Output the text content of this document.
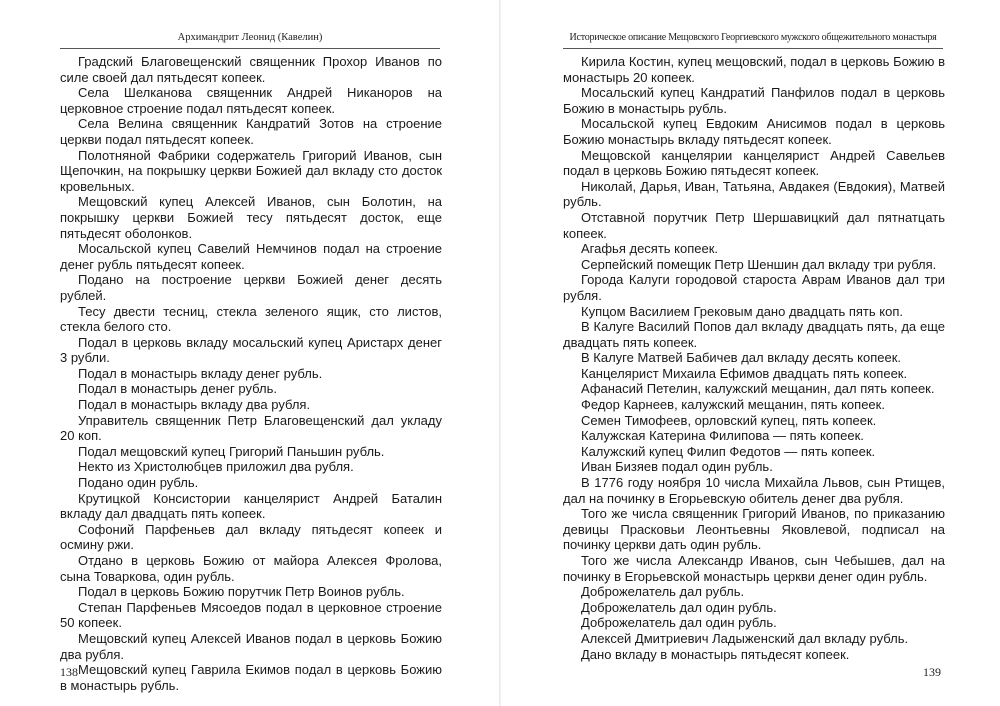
Архимандрит Леонид (Кавелин)

Градский Благовещенский священник Прохор Иванов по силе своей дал пятьдесят копеек.

Села Шелканова священник Андрей Никаноров на церковное строение подал пятьдесят копеек.

Села Велина священник Кандратий Зотов на строение церкви подал пятьдесят копеек.

Полотняной Фабрики содержатель Григорий Иванов, сын Щепочкин, на покрышку церкви Божией дал вкладу сто досток кровельных.

Мещовский купец Алексей Иванов, сын Болотин, на покрышку церкви Божией тесу пятьдесят досток, еще пятьдесят оболонков.

Мосальской купец Савелий Немчинов подал на строение денег рубль пятьдесят копеек.

Подано на построение церкви Божией денег десять рублей.

Тесу двести тесниц, стекла зеленого ящик, сто листов, стекла белого сто.

Подал в церковь вкладу мосальский купец Аристарх денег 3 рубли.

Подал в монастырь вкладу денег рубль.

Подал в монастырь денег рубль.

Подал в монастырь вкладу два рубля.

Управитель священник Петр Благовещенский дал укладу 20 коп.

Подал мещовский купец Григорий Паньшин рубль.

Некто из Христолюбцев приложил два рубля.

Подано один рубль.

Крутицкой Консистории канцелярист Андрей Баталин вкладу дал двадцать пять копеек.

Софоний Парфеньев дал вкладу пятьдесят копеек и осмину ржи.

Отдано в церковь Божию от майора Алексея Фролова, сына Товаркова, один рубль.

Подал в церковь Божию порутчик Петр Воинов рубль.

Степан Парфеньев Мясоедов подал в церковное строение 50 копеек.

Мещовский купец Алексей Иванов подал в церковь Божию два рубля.

Мещовский купец Гаврила Екимов подал в церковь Божию в монастырь рубль.

138
Историческое описание Мещовского Георгиевского мужского общежительного монастыря

Кирила Костин, купец мещовский, подал в церковь Божию в монастырь 20 копеек.

Мосальский купец Кандратий Панфилов подал в церковь Божию в монастырь рубль.

Мосальской купец Евдоким Анисимов подал в церковь Божию монастырь вкладу пятьдесят копеек.

Мещовской канцелярии канцелярист Андрей Савельев подал в церковь Божию пятьдесят копеек.

Николай, Дарья, Иван, Татьяна, Авдакея (Евдокия), Матвей рубль.

Отставной порутчик Петр Шершавицкий дал пятнатцать копеек.

Агафья десять копеек.

Серпейский помещик Петр Шеншин дал вкладу три рубля.

Города Калуги городовой староста Аврам Иванов дал три рубля.

Купцом Василием Грековым дано двадцать пять коп.

В Калуге Василий Попов дал вкладу двадцать пять, да еще двадцать пять копеек.

В Калуге Матвей Бабичев дал вкладу десять копеек.

Канцелярист Михаила Ефимов двадцать пять копеек.

Афанасий Петелин, калужский мещанин, дал пять копеек.

Федор Карнеев, калужский мещанин, пять копеек.

Семен Тимофеев, орловский купец, пять копеек.

Калужская Катерина Филипова — пять копеек.

Калужский купец Филип Федотов — пять копеек.

Иван Бизяев подал один рубль.

В 1776 году ноября 10 числа Михайла Львов, сын Ртищев, дал на починку в Егорьевскую обитель денег два рубля.

Того же числа священник Григорий Иванов, по приказанию девицы Прасковьи Леонтьевны Яковлевой, подписал на починку церкви дать один рубль.

Того же числа Александр Иванов, сын Чебышев, дал на починку в Егорьевской монастырь церкви денег один рубль.

Доброжелатель дал рубль.

Доброжелатель дал один рубль.

Доброжелатель дал один рубль.

Алексей Дмитриевич Ладыженский дал вкладу рубль.

Дано вкладу в монастырь пятьдесят копеек.

139
